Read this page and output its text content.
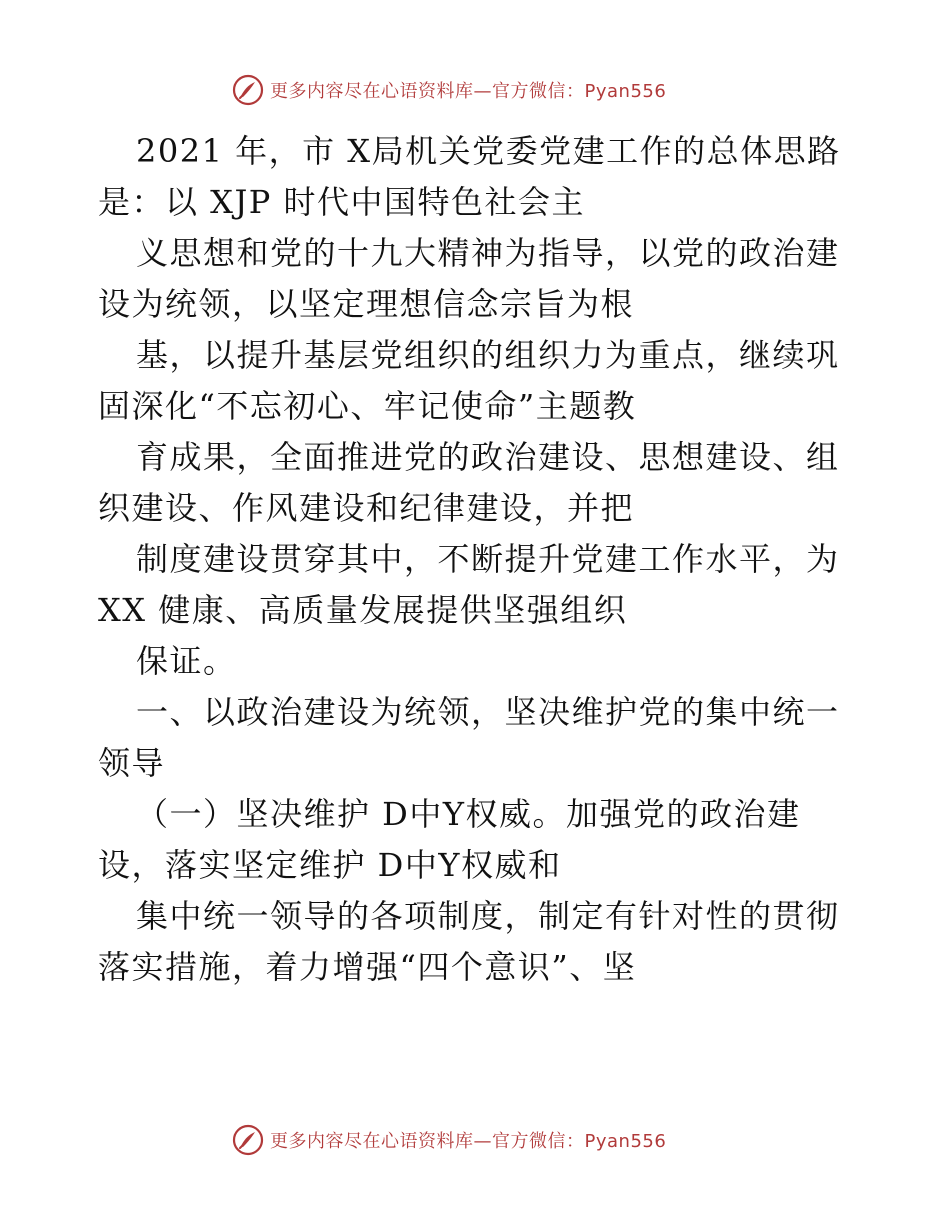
更多内容尽在心语资料库—官方微信：Pyan556
2021 年，市 X局机关党委党建工作的总体思路
是：以 XJP 时代中国特色社会主
义思想和党的十九大精神为指导，以党的政治建
设为统领，以坚定理想信念宗旨为根
基，以提升基层党组织的组织力为重点，继续巩
固深化“不忘初心、牢记使命”主题教
育成果，全面推进党的政治建设、思想建设、组
织建设、作风建设和纪律建设，并把
制度建设贯穿其中，不断提升党建工作水平，为
XX 健康、高质量发展提供坚强组织
保证。
一、以政治建设为统领，坚决维护党的集中统一
领导
（一）坚决维护 D中Y权威。加强党的政治建
设，落实坚定维护 D中Y权威和
集中统一领导的各项制度，制定有针对性的贯彻
落实措施，着力增强“四个意识”、坚
更多内容尽在心语资料库—官方微信：Pyan556
